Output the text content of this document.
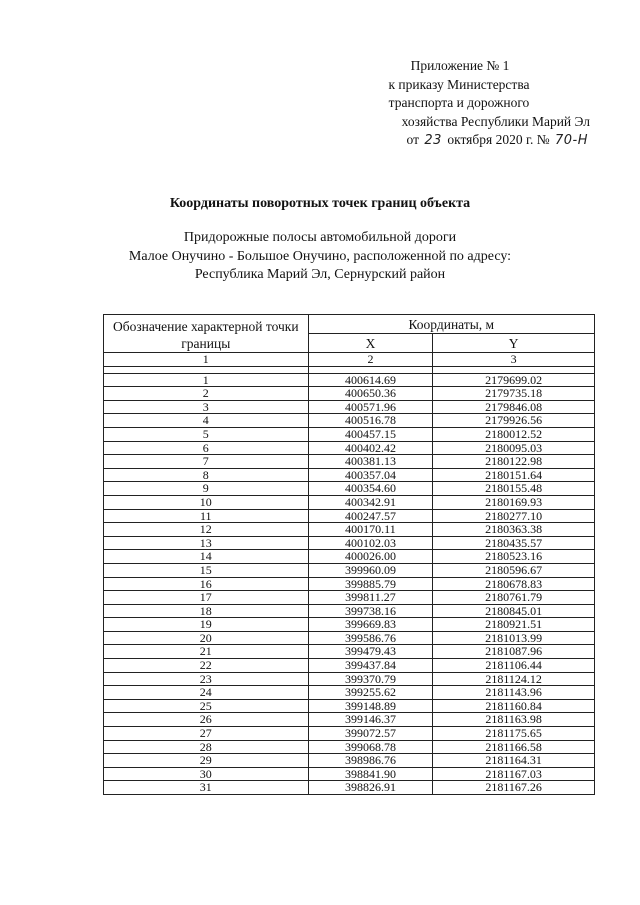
Приложение № 1
к приказу Министерства
транспорта и дорожного
хозяйства Республики Марий Эл
от 23 октября 2020 г. № 70-Н
Координаты поворотных точек границ объекта
Придорожные полосы автомобильной дороги
Малое Онучино - Большое Онучино, расположенной по адресу:
Республика Марий Эл, Сернурский район
Обозначение характерной точки границы	Координаты, м	
	X	Y
1	2	3

1	400614.69	2179699.02
2	400650.36	2179735.18
3	400571.96	2179846.08
4	400516.78	2179926.56
5	400457.15	2180012.52
6	400402.42	2180095.03
7	400381.13	2180122.98
8	400357.04	2180151.64
9	400354.60	2180155.48
10	400342.91	2180169.93
11	400247.57	2180277.10
12	400170.11	2180363.38
13	400102.03	2180435.57
14	400026.00	2180523.16
15	399960.09	2180596.67
16	399885.79	2180678.83
17	399811.27	2180761.79
18	399738.16	2180845.01
19	399669.83	2180921.51
20	399586.76	2181013.99
21	399479.43	2181087.96
22	399437.84	2181106.44
23	399370.79	2181124.12
24	399255.62	2181143.96
25	399148.89	2181160.84
26	399146.37	2181163.98
27	399072.57	2181175.65
28	399068.78	2181166.58
29	398986.76	2181164.31
30	398841.90	2181167.03
31	398826.91	2181167.26
